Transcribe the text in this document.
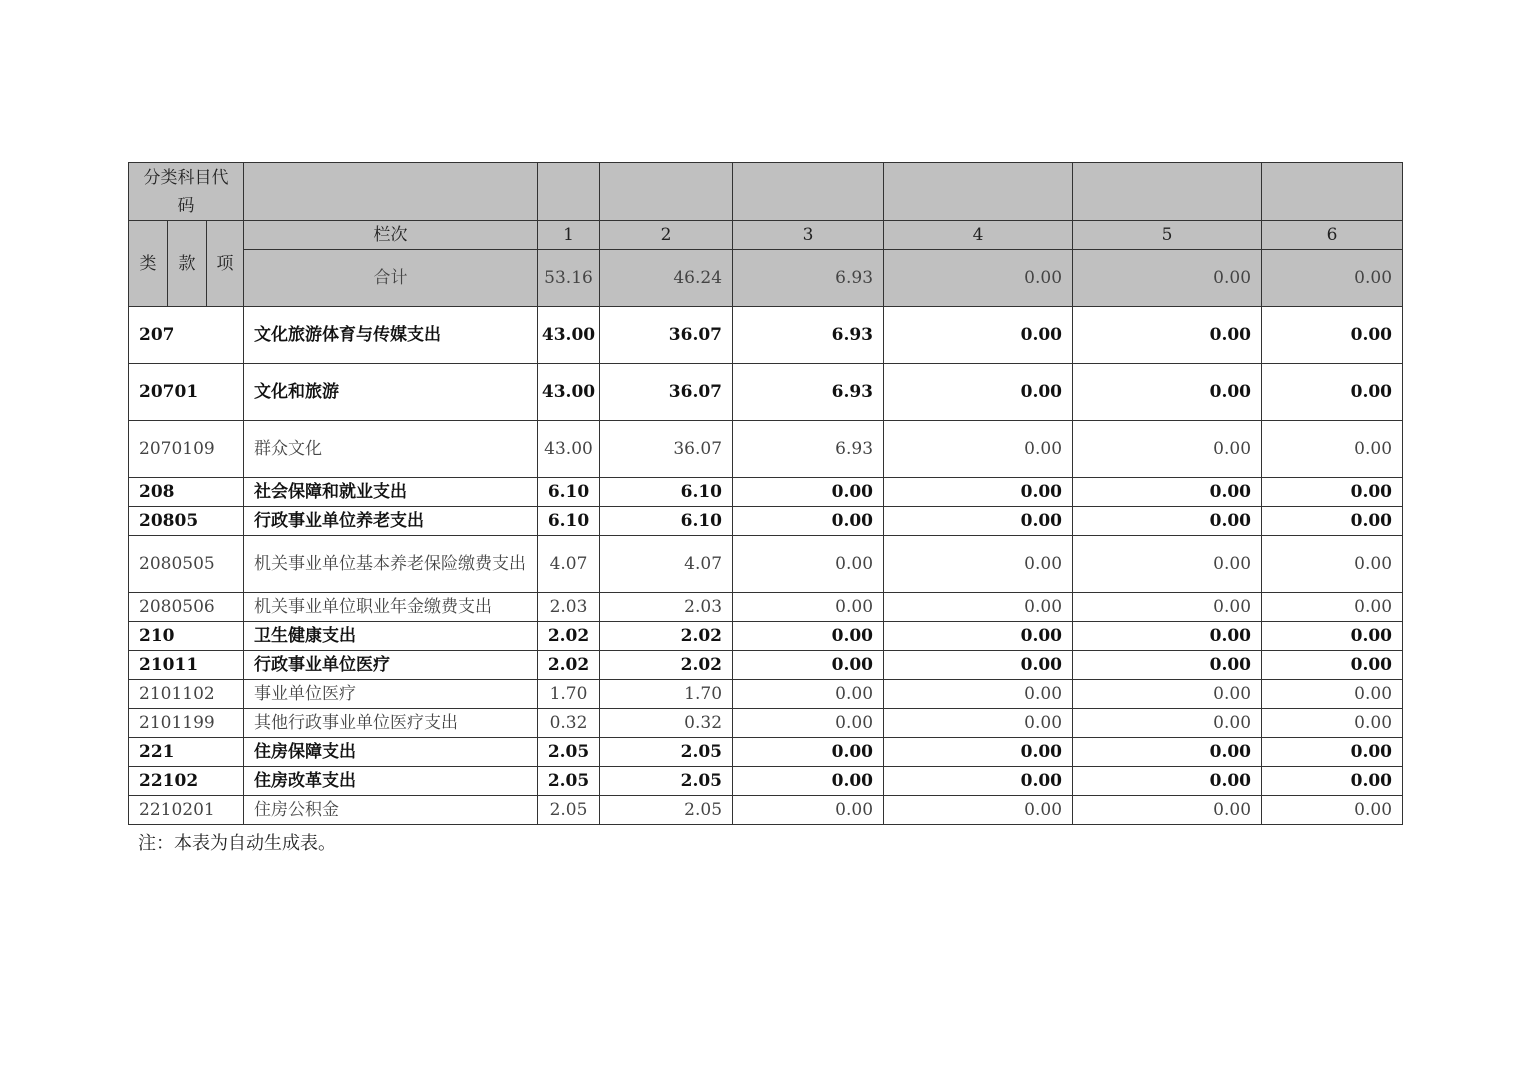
分类科目代码									
类	款	项	栏次	1	2	3	4	5	6
			合计	53.16	46.24	6.93	0.00	0.00	0.00
207			文化旅游体育与传媒支出	43.00	36.07	6.93	0.00	0.00	0.00
20701			文化和旅游	43.00	36.07	6.93	0.00	0.00	0.00
2070109			群众文化	43.00	36.07	6.93	0.00	0.00	0.00
208			社会保障和就业支出	6.10	6.10	0.00	0.00	0.00	0.00
20805			行政事业单位养老支出	6.10	6.10	0.00	0.00	0.00	0.00
2080505			机关事业单位基本养老保险缴费支出	4.07	4.07	0.00	0.00	0.00	0.00
2080506			机关事业单位职业年金缴费支出	2.03	2.03	0.00	0.00	0.00	0.00
210			卫生健康支出	2.02	2.02	0.00	0.00	0.00	0.00
21011			行政事业单位医疗	2.02	2.02	0.00	0.00	0.00	0.00
2101102			事业单位医疗	1.70	1.70	0.00	0.00	0.00	0.00
2101199			其他行政事业单位医疗支出	0.32	0.32	0.00	0.00	0.00	0.00
221			住房保障支出	2.05	2.05	0.00	0.00	0.00	0.00
22102			住房改革支出	2.05	2.05	0.00	0.00	0.00	0.00
2210201			住房公积金	2.05	2.05	0.00	0.00	0.00	0.00
注：本表为自动生成表。
